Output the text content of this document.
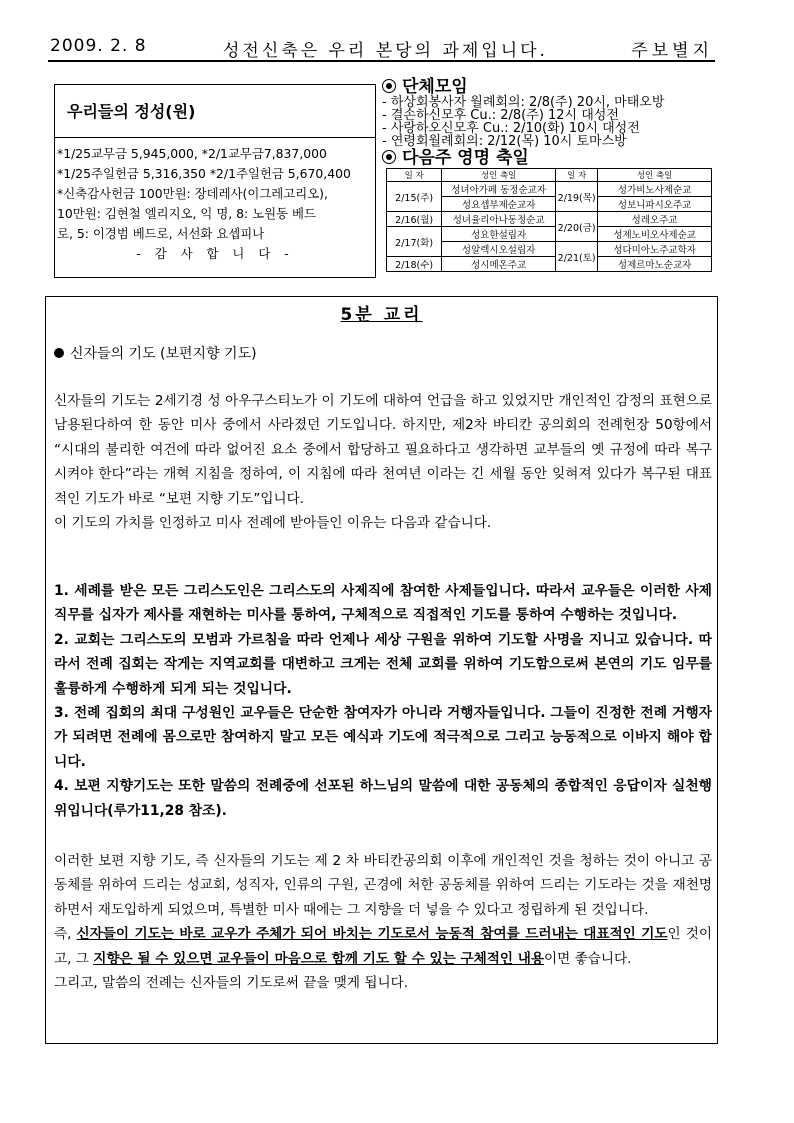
2009. 2. 8	성전신축은 우리 본당의 과제입니다.	주보별지
우리들의 정성(원)
*1/25교무금 5,945,000, *2/1교무금7,837,000
*1/25주일헌금 5,316,350 *2/1주일헌금 5,670,400
*신축감사헌금 100만원: 장데레사(이그레고리오),
10만원: 김현철 엘리지오, 익 명, 8: 노원동 베드
로, 5: 이경범 베드로, 서선화 요셉피나
- 감 사 합 니 다 -
단체모임
- 하상회봉사자 월례회의: 2/8(주) 20시, 마태오방
- 결손하신모후 Cu.: 2/8(주) 12시 대성전
- 사랑하오신모후 Cu.: 2/10(화) 10시 대성전
- 연령회월례회의: 2/12(목) 10시 토마스방
다음주 영명 축일
일 자	성인 축일	일 자	성인 축일
2/15(주)	성녀아가페 동정순교자	2/19(목)	성가비노사제순교
	성요셉부제순교자		성보니파시오주교
2/16(월)	성녀율리아나동정순교	2/20(금)	성레오주교
2/17(화)	성요한설립자		성제노비오사제순교
	성알렉시오설립자	2/21(토)	성다미아노주교학자
2/18(수)	성시메온주교		성제르마노순교자
5분 교리
신자들의 기도 (보편지향 기도)
신자들의 기도는 2세기경 성 아우구스티노가 이 기도에 대하여 언급을 하고 있었지만 개인적인 감정의 표현으로 남용된다하여 한 동안 미사 중에서 사라졌던 기도입니다. 하지만, 제2차 바티칸 공의회의 전례헌장 50항에서 “시대의 불리한 여건에 따라 없어진 요소 중에서 합당하고 필요하다고 생각하면 교부들의 옛 규정에 따라 복구시켜야 한다”라는 개혁 지침을 정하여, 이 지침에 따라 천여년 이라는 긴 세월 동안 잊혀져 있다가 복구된 대표적인 기도가 바로 “보편 지향 기도”입니다.
이 기도의 가치를 인정하고 미사 전례에 받아들인 이유는 다음과 같습니다.
1. 세례를 받은 모든 그리스도인은 그리스도의 사제직에 참여한 사제들입니다. 따라서 교우들은 이러한 사제 직무를 십자가 제사를 재현하는 미사를 통하여, 구체적으로 직접적인 기도를 통하여 수행하는 것입니다.
2. 교회는 그리스도의 모범과 가르침을 따라 언제나 세상 구원을 위하여 기도할 사명을 지니고 있습니다. 따라서 전례 집회는 작게는 지역교회를 대변하고 크게는 전체 교회를 위하여 기도함으로써 본연의 기도 임무를 훌륭하게 수행하게 되게 되는 것입니다.
3. 전례 집회의 최대 구성원인 교우들은 단순한 참여자가 아니라 거행자들입니다. 그들이 진정한 전례 거행자가 되려면 전례에 몸으로만 참여하지 말고 모든 예식과 기도에 적극적으로 그리고 능동적으로 이바지 해야 합니다.
4. 보편 지향기도는 또한 말씀의 전례중에 선포된 하느님의 말씀에 대한 공동체의 종합적인 응답이자 실천행위입니다(루가11,28 참조).
이러한 보편 지향 기도, 즉 신자들의 기도는 제 2 차 바티칸공의회 이후에 개인적인 것을 청하는 것이 아니고 공동체를 위하여 드리는 성교회, 성직자, 인류의 구원, 곤경에 처한 공동체를 위하여 드리는 기도라는 것을 재천명하면서 재도입하게 되었으며, 특별한 미사 때에는 그 지향을 더 넣을 수 있다고 정립하게 된 것입니다.
즉, 신자들이 기도는 바로 교우가 주체가 되어 바치는 기도로서 능동적 참여를 드러내는 대표적인 기도인 것이고, 그 지향은 될 수 있으면 교우들이 마음으로 함께 기도 할 수 있는 구체적인 내용이면 좋습니다.
그리고, 말씀의 전례는 신자들의 기도로써 끝을 맺게 됩니다.
